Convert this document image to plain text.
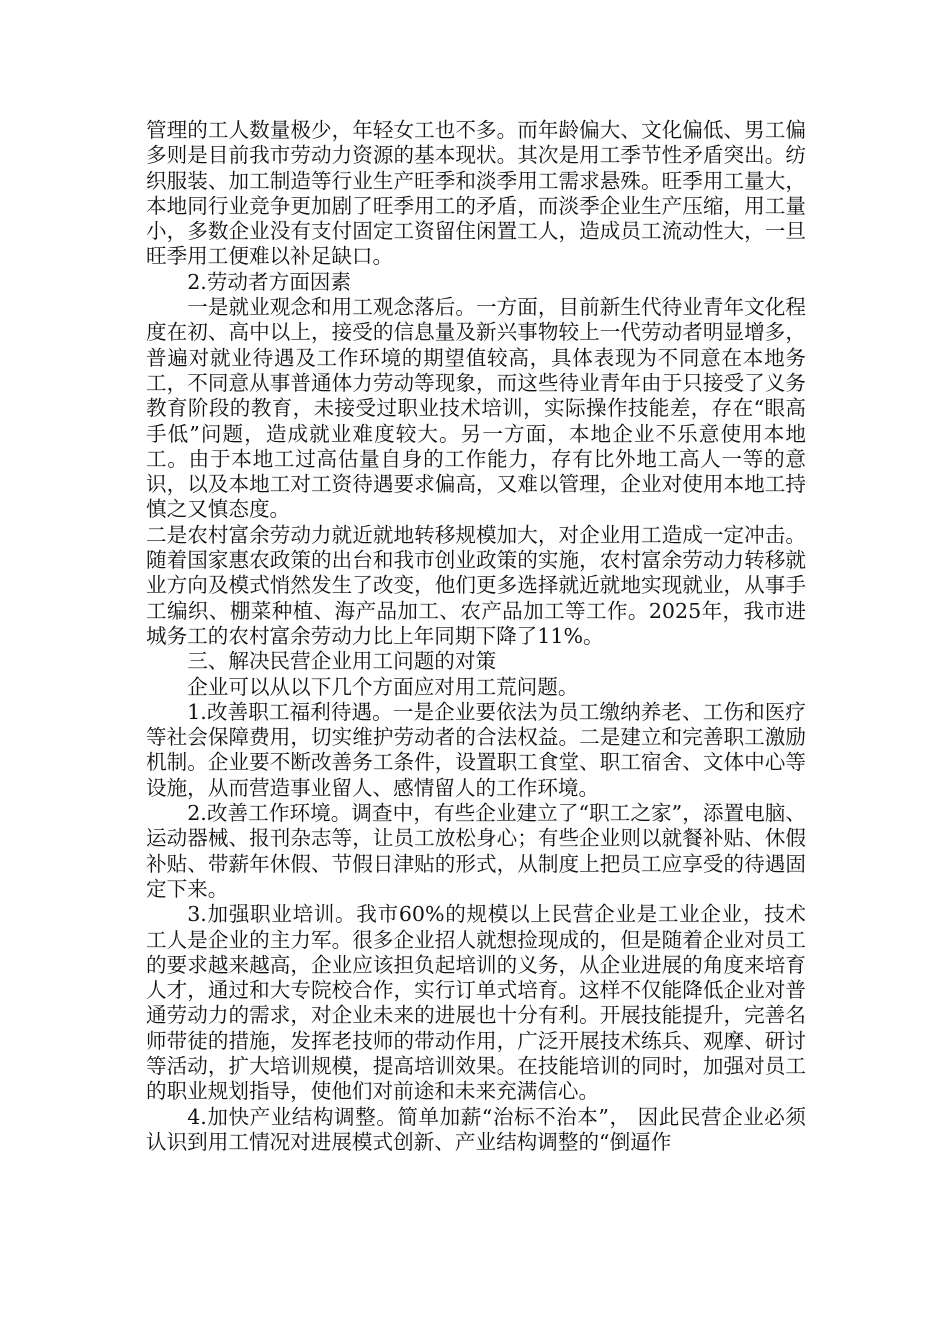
管理的工人数量极少，年轻女工也不多。而年龄偏大、文化偏低、男工偏多则是目前我市劳动力资源的基本现状。其次是用工季节性矛盾突出。纺织服装、加工制造等行业生产旺季和淡季用工需求悬殊。旺季用工量大，本地同行业竞争更加剧了旺季用工的矛盾，而淡季企业生产压缩，用工量小，多数企业没有支付固定工资留住闲置工人，造成员工流动性大，一旦旺季用工便难以补足缺口。

2.劳动者方面因素

一是就业观念和用工观念落后。一方面，目前新生代待业青年文化程度在初、高中以上，接受的信息量及新兴事物较上一代劳动者明显增多，普遍对就业待遇及工作环境的期望值较高，具体表现为不同意在本地务工，不同意从事普通体力劳动等现象，而这些待业青年由于只接受了义务教育阶段的教育，未接受过职业技术培训，实际操作技能差，存在“眼高手低”问题，造成就业难度较大。另一方面，本地企业不乐意使用本地工。由于本地工过高估量自身的工作能力，存有比外地工高人一等的意识，以及本地工对工资待遇要求偏高，又难以管理，企业对使用本地工持慎之又慎态度。

二是农村富余劳动力就近就地转移规模加大，对企业用工造成一定冲击。随着国家惠农政策的出台和我市创业政策的实施，农村富余劳动力转移就业方向及模式悄然发生了改变，他们更多选择就近就地实现就业，从事手工编织、棚菜种植、海产品加工、农产品加工等工作。2025年，我市进城务工的农村富余劳动力比上年同期下降了11%。

三、解决民营企业用工问题的对策

企业可以从以下几个方面应对用工荒问题。

1.改善职工福利待遇。一是企业要依法为员工缴纳养老、工伤和医疗等社会保障费用，切实维护劳动者的合法权益。二是建立和完善职工激励机制。企业要不断改善务工条件，设置职工食堂、职工宿舍、文体中心等设施，从而营造事业留人、感情留人的工作环境。

2.改善工作环境。调查中，有些企业建立了“职工之家”，添置电脑、运动器械、报刊杂志等，让员工放松身心；有些企业则以就餐补贴、休假补贴、带薪年休假、节假日津贴的形式，从制度上把员工应享受的待遇固定下来。

3.加强职业培训。我市60%的规模以上民营企业是工业企业，技术工人是企业的主力军。很多企业招人就想捡现成的，但是随着企业对员工的要求越来越高，企业应该担负起培训的义务，从企业进展的角度来培育人才，通过和大专院校合作，实行订单式培育。这样不仅能降低企业对普通劳动力的需求，对企业未来的进展也十分有利。开展技能提升，完善名师带徒的措施，发挥老技师的带动作用，广泛开展技术练兵、观摩、研讨等活动，扩大培训规模，提高培训效果。在技能培训的同时，加强对员工的职业规划指导，使他们对前途和未来充满信心。

4.加快产业结构调整。简单加薪“治标不治本”， 因此民营企业必须认识到用工情况对进展模式创新、产业结构调整的“倒逼作
